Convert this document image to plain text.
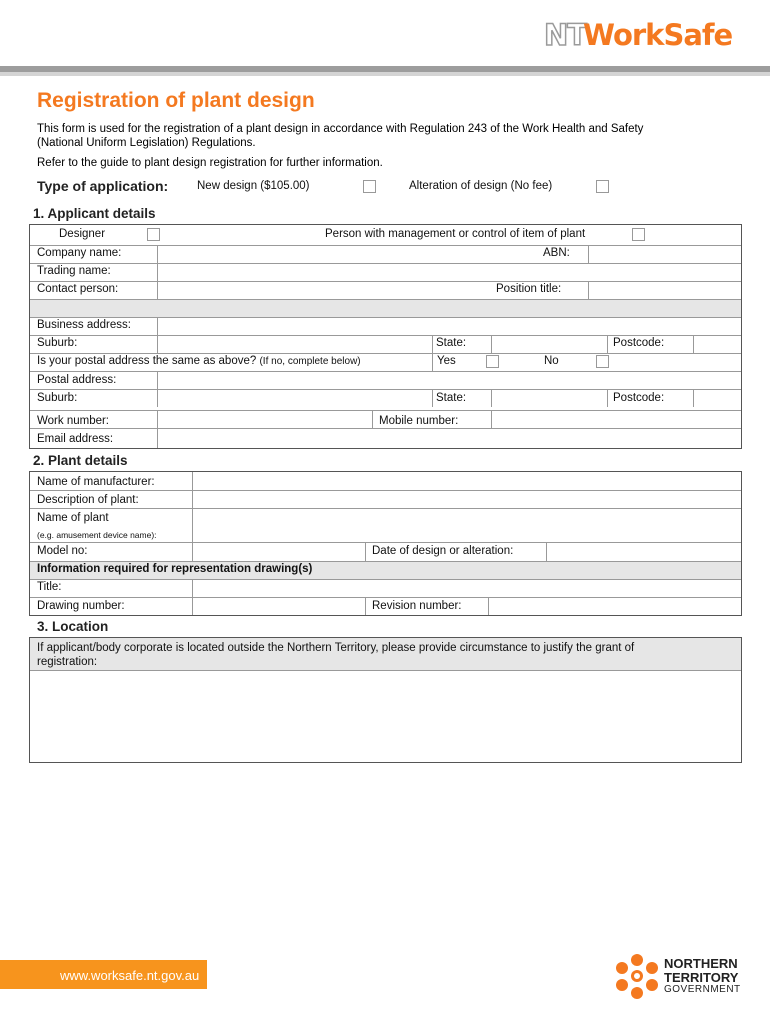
NT
WorkSafe
Registration of plant design
This form is used for the registration of a plant design in accordance with Regulation 243 of the Work Health and Safety
(National Uniform Legislation) Regulations.
Refer to the guide to plant design registration for further information.
Type of application:	New design ($105.00)	Alteration of design (No fee)
1. Applicant details
Designer	Person with management or control of item of plant
Company name:	ABN:
Trading name:
Contact person:	Position title:
Business address:
Suburb:	State:	Postcode:
Is your postal address the same as above? (If no, complete below)	Yes	No
Postal address:
Suburb:	State:	Postcode:
Work number:	Mobile number:
Email address:
2. Plant details
Name of manufacturer:
Description of plant:
Name of plant
(e.g. amusement device name):
Model no:	Date of design or alteration:
Information required for representation drawing(s)
Title:
Drawing number:	Revision number:
3. Location
If applicant/body corporate is located outside the Northern Territory, please provide circumstance to justify the grant of
registration:
www.worksafe.nt.gov.au
NORTHERN
TERRITORY
GOVERNMENT
